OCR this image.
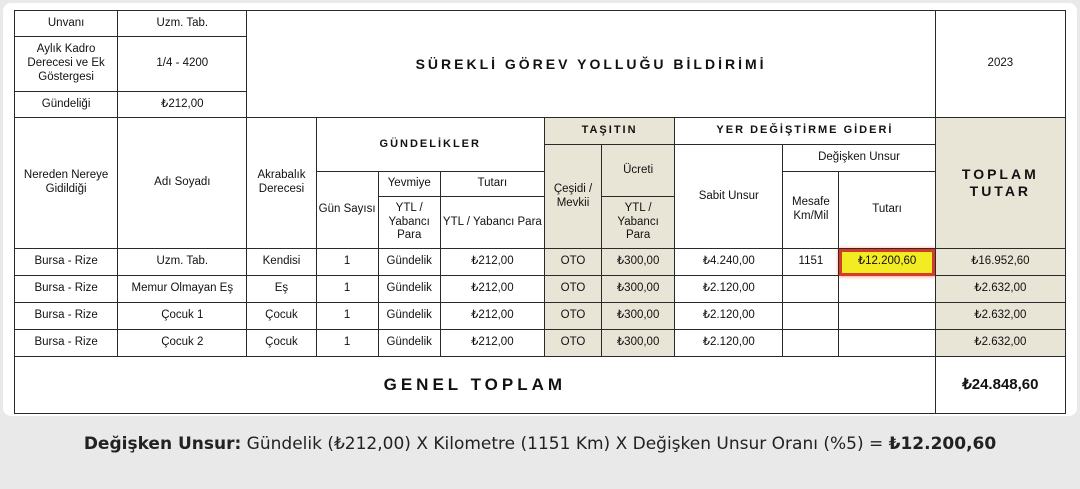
Unvanı	Uzm. Tab.	SÜREKLİ GÖREV YOLLUĞU BİLDİRİMİ									2023
Aylık Kadro Derecesi ve Ek Göstergesi	1/4 - 4200										
Gündeliği	₺212,00										
Nereden Nereye Gidildiği	Adı Soyadı	Akrabalık Derecesi	GÜNDELİKLER			TAŞITIN		YER DEĞİŞTİRME GİDERİ			TOPLAM TUTAR
						Çeşidi / Mevkii	Ücreti	Sabit Unsur	Değişken Unsur		
			Gün Sayısı	Yevmiye	Tutarı				Mesafe Km/Mil	Tutarı	
				YTL / Yabancı Para	YTL / Yabancı Para		YTL / Yabancı Para				
Bursa - Rize	Uzm. Tab.	Kendisi	1	Gündelik	₺212,00	OTO	₺300,00	₺4.240,00	1151	₺12.200,60	₺16.952,60
Bursa - Rize	Memur Olmayan Eş	Eş	1	Gündelik	₺212,00	OTO	₺300,00	₺2.120,00			₺2.632,00
Bursa - Rize	Çocuk 1	Çocuk	1	Gündelik	₺212,00	OTO	₺300,00	₺2.120,00			₺2.632,00
Bursa - Rize	Çocuk 2	Çocuk	1	Gündelik	₺212,00	OTO	₺300,00	₺2.120,00			₺2.632,00
GENEL TOPLAM											₺24.848,60
Değişken Unsur: Gündelik (₺212,00) X Kilometre (1151 Km) X Değişken Unsur Oranı (%5) = ₺12.200,60
